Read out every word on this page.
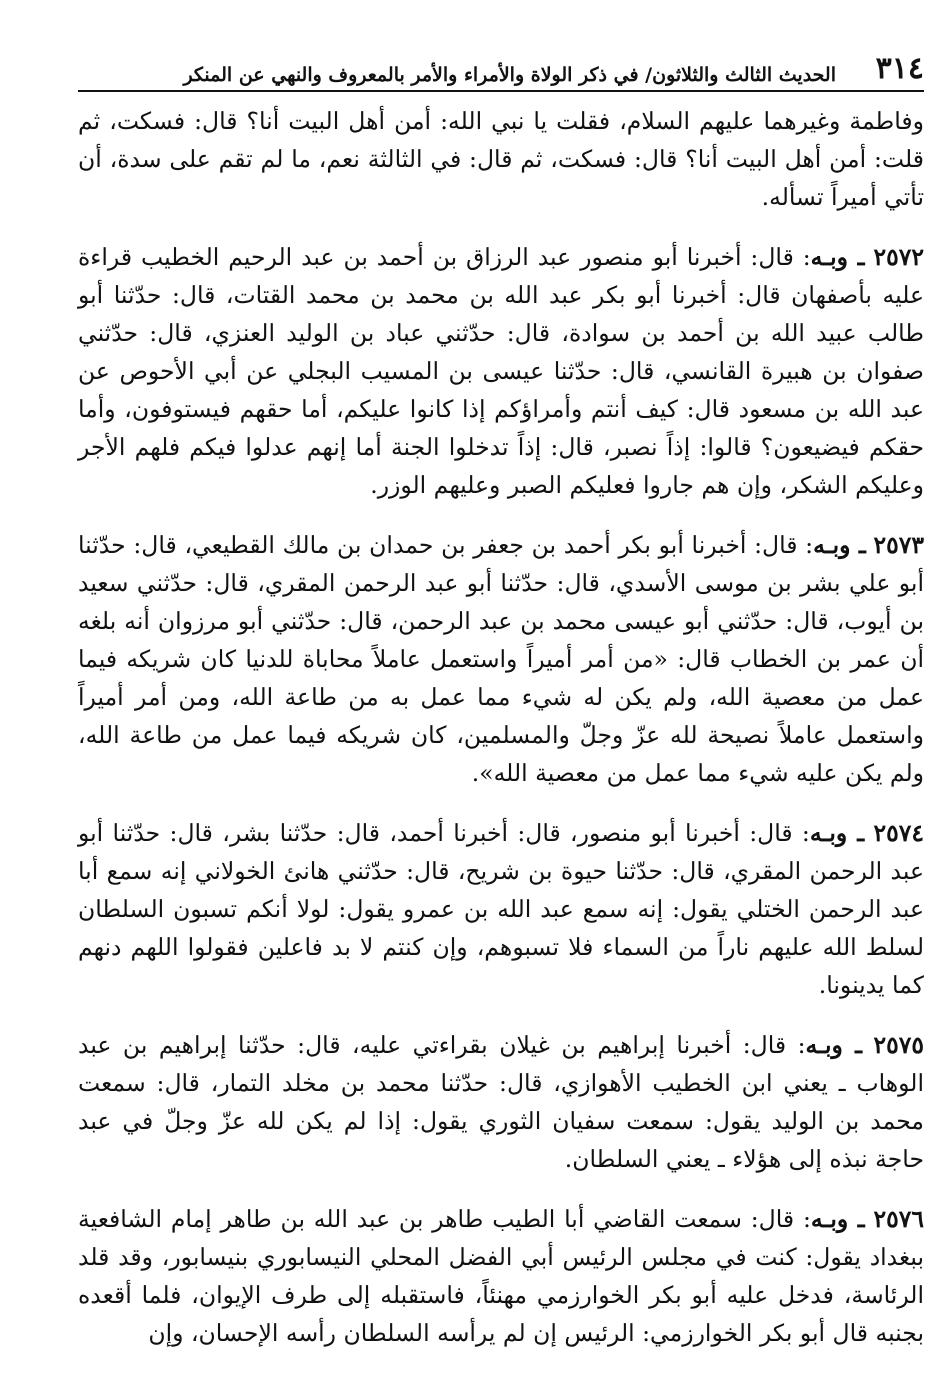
٣١٤
الحديث الثالث والثلاثون/ في ذكر الولاة والأمراء والأمر بالمعروف والنهي عن المنكر

وفاطمة وغيرهما عليهم السلام، فقلت يا نبي الله: أمن أهل البيت أنا؟ قال: فسكت، ثم قلت: أمن أهل البيت أنا؟ قال: فسكت، ثم قال: في الثالثة نعم، ما لم تقم على سدة، أن تأتي أميراً تسأله.

٢٥٧٢ ـ وبـه: قال: أخبرنا أبو منصور عبد الرزاق بن أحمد بن عبد الرحيم الخطيب قراءة عليه بأصفهان قال: أخبرنا أبو بكر عبد الله بن محمد بن محمد القتات، قال: حدّثنا أبو طالب عبيد الله بن أحمد بن سوادة، قال: حدّثني عباد بن الوليد العنزي، قال: حدّثني صفوان بن هبيرة القانسي، قال: حدّثنا عيسى بن المسيب البجلي عن أبي الأحوص عن عبد الله بن مسعود قال: كيف أنتم وأمراؤكم إذا كانوا عليكم، أما حقهم فيستوفون، وأما حقكم فيضيعون؟ قالوا: إذاً نصبر، قال: إذاً تدخلوا الجنة أما إنهم عدلوا فيكم فلهم الأجر وعليكم الشكر، وإن هم جاروا فعليكم الصبر وعليهم الوزر.

٢٥٧٣ ـ وبـه: قال: أخبرنا أبو بكر أحمد بن جعفر بن حمدان بن مالك القطيعي، قال: حدّثنا أبو علي بشر بن موسى الأسدي، قال: حدّثنا أبو عبد الرحمن المقري، قال: حدّثني سعيد بن أيوب، قال: حدّثني أبو عيسى محمد بن عبد الرحمن، قال: حدّثني أبو مرزوان أنه بلغه أن عمر بن الخطاب قال: «من أمر أميراً واستعمل عاملاً محاباة للدنيا كان شريكه فيما عمل من معصية الله، ولم يكن له شيء مما عمل به من طاعة الله، ومن أمر أميراً واستعمل عاملاً نصيحة لله عزّ وجلّ والمسلمين، كان شريكه فيما عمل من طاعة الله، ولم يكن عليه شيء مما عمل من معصية الله».

٢٥٧٤ ـ وبـه: قال: أخبرنا أبو منصور، قال: أخبرنا أحمد، قال: حدّثنا بشر، قال: حدّثنا أبو عبد الرحمن المقري، قال: حدّثنا حيوة بن شريح، قال: حدّثني هانئ الخولاني إنه سمع أبا عبد الرحمن الختلي يقول: إنه سمع عبد الله بن عمرو يقول: لولا أنكم تسبون السلطان لسلط الله عليهم ناراً من السماء فلا تسبوهم، وإن كنتم لا بد فاعلين فقولوا اللهم دنهم كما يدينونا.

٢٥٧٥ ـ وبـه: قال: أخبرنا إبراهيم بن غيلان بقراءتي عليه، قال: حدّثنا إبراهيم بن عبد الوهاب ـ يعني ابن الخطيب الأهوازي، قال: حدّثنا محمد بن مخلد التمار، قال: سمعت محمد بن الوليد يقول: سمعت سفيان الثوري يقول: إذا لم يكن لله عزّ وجلّ في عبد حاجة نبذه إلى هؤلاء ـ يعني السلطان.

٢٥٧٦ ـ وبـه: قال: سمعت القاضي أبا الطيب طاهر بن عبد الله بن طاهر إمام الشافعية ببغداد يقول: كنت في مجلس الرئيس أبي الفضل المحلي النيسابوري بنيسابور، وقد قلد الرئاسة، فدخل عليه أبو بكر الخوارزمي مهنئاً، فاستقبله إلى طرف الإيوان، فلما أقعده بجنبه قال أبو بكر الخوارزمي: الرئيس إن لم يرأسه السلطان رأسه الإحسان، وإن
